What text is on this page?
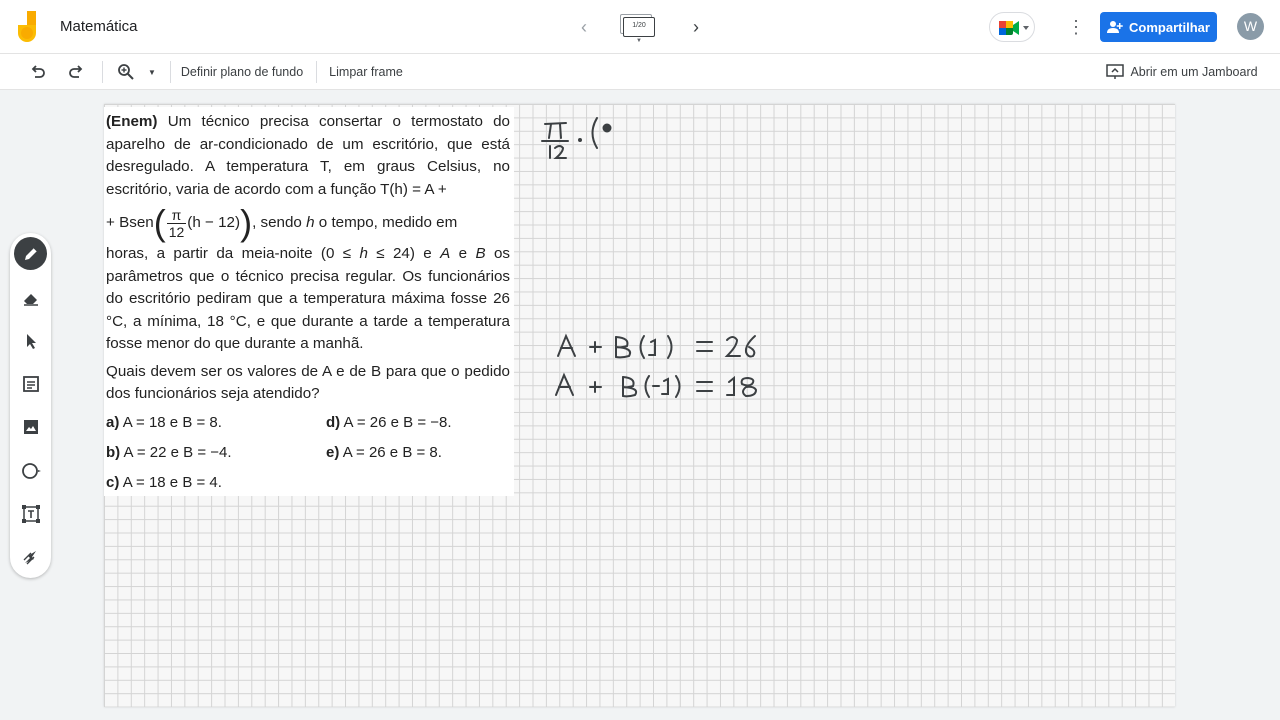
Matemática	‹	1/20
▼
›	⋮	Compartilhar	W
▼	Definir plano de fundo	Limpar frame	Abrir em um Jamboard

(Enem) Um técnico precisa consertar o termostato do aparelho de ar-condicionado de um escritório, que está desregulado. A temperatura T, em graus Celsius, no escritório, varia de acordo com a função T(h) = A +

+ Bsen ( $\frac{\pi}{12} (h - 12)$ ) , sendo h o tempo, medido em

horas, a partir da meia-noite (0 ≤ h ≤ 24) e A e B os parâmetros que o técnico precisa regular. Os funcionários do escritório pediram que a temperatura máxima fosse 26 °C, a mínima, 18 °C, e que durante a tarde a temperatura fosse menor do que durante a manhã.

Quais devem ser os valores de A e de B para que o pedido dos funcionários seja atendido?

a) A = 18 e B = 8.	d) A = 26 e B = −8.
b) A = 22 e B = −4.	e) A = 26 e B = 8.
c) A = 18 e B = 4.
